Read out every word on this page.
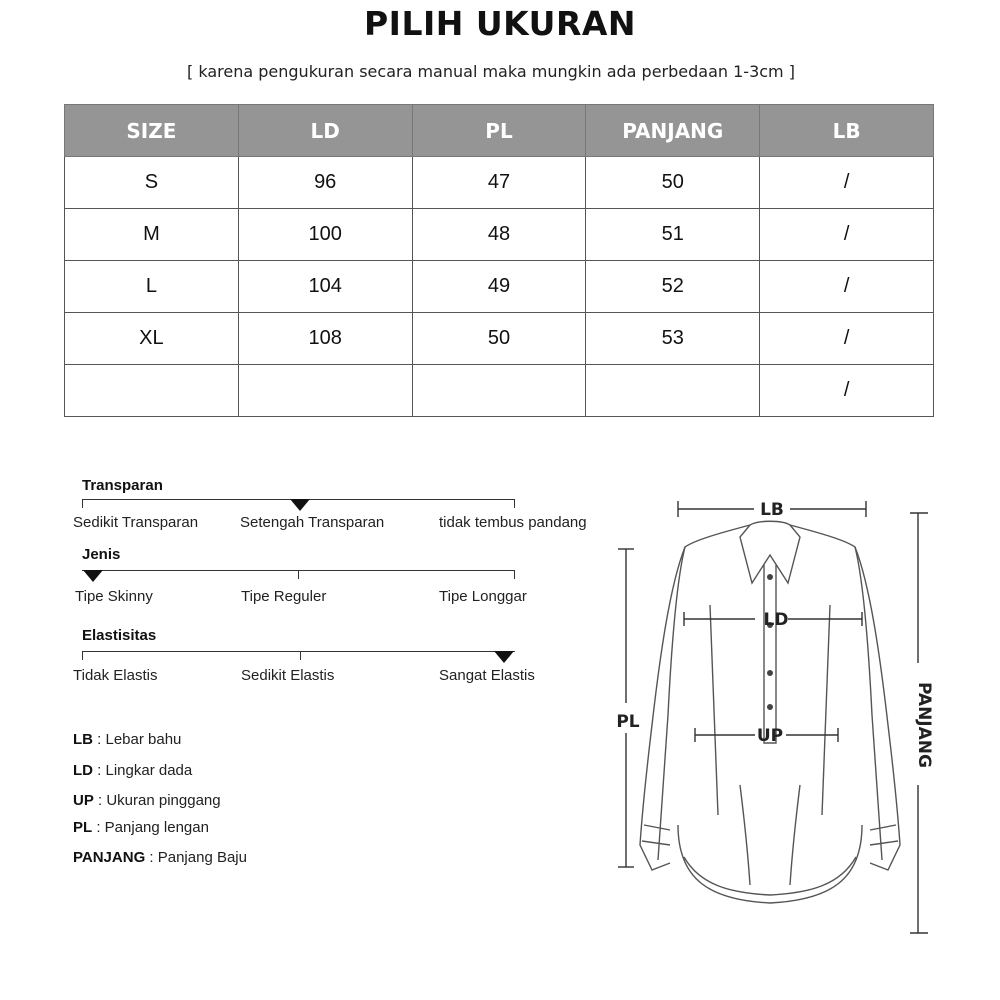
PILIH UKURAN
[ karena pengukuran secara manual maka mungkin ada perbedaan 1-3cm ]
SIZE	LD	PL	PANJANG	LB
S	96	47	50	/
M	100	48	51	/
L	104	49	52	/
XL	108	50	53	/
				/
Transparan
Sedikit Transparan	Setengah Transparan	tidak tembus pandang
Jenis
Tipe Skinny	Tipe Reguler	Tipe Longgar
Elastisitas
Tidak Elastis	Sedikit Elastis	Sangat Elastis
LB : Lebar bahu
LD : Lingkar dada
UP : Ukuran pinggang
PL : Panjang lengan
PANJANG : Panjang Baju
LB
LD
UP
PL	PANJANG
